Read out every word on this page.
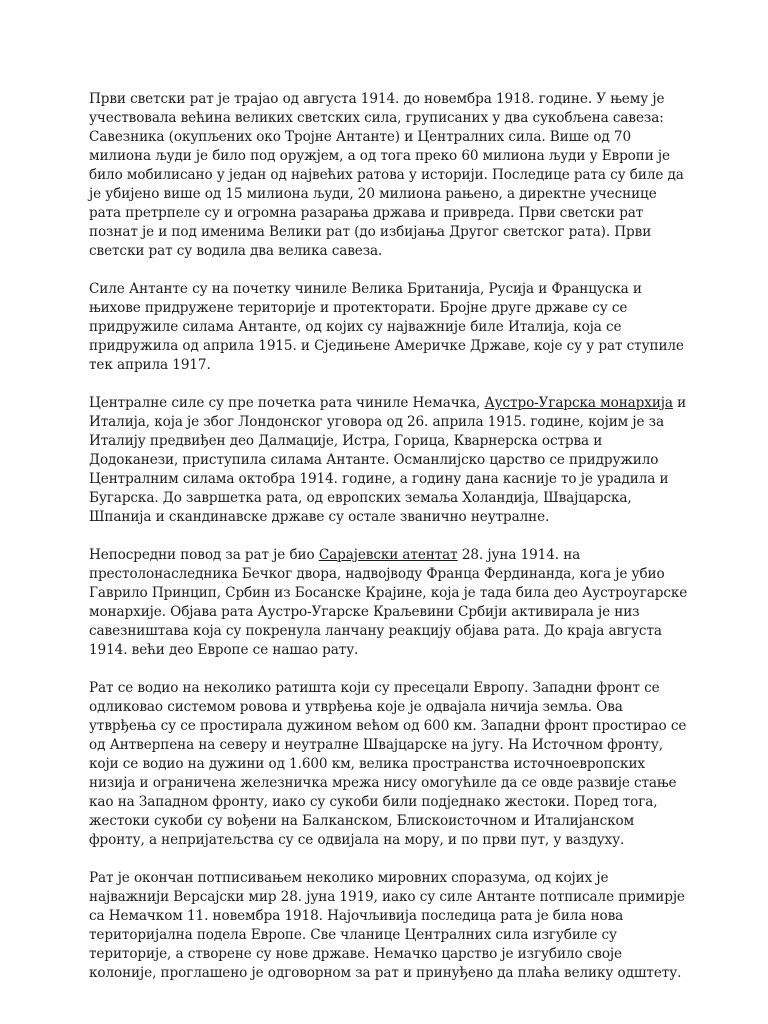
Први светски рат је трајао од августа 1914. до новембра 1918. године. У њему је учествовала већина великих светских сила, груписаних у два сукобљена савеза: Савезника (окупљених око Тројне Антанте) и Централних сила. Више од 70 милиона људи је било под оружјем, а од тога преко 60 милиона људи у Европи је било мобилисано у један од највећих ратова у историји. Последице рата су биле да је убијено више од 15 милиона људи, 20 милиона рањено, а директне учеснице рата претрпеле су и огромна разарања држава и привреда. Први светски рат познат је и под именима Велики рат (до избијања Другог светског рата). Први светски рат су водила два велика савеза.

Силе Антанте су на почетку чиниле Велика Британија, Русија и Француска и њихове придружене територије и протекторати. Бројне друге државе су се придружиле силама Антанте, од којих су најважније биле Италија, која се придружила од априла 1915. и Сједињене Америчке Државе, које су у рат ступиле тек априла 1917.

Централне силе су пре почетка рата чиниле Немачка, Аустро-Угарска монархија и Италија, која је због Лондонског уговора од 26. априла 1915. године, којим је за Италију предвиђен део Далмације, Истра, Горица, Кварнерска острва и Додоканези, приступила силама Антанте. Османлијско царство се придружило Централним силама октобра 1914. године, а годину дана касније то је урадила и Бугарска. До завршетка рата, од европских земаља Холандија, Швајцарска, Шпанија и скандинавске државе су остале званично неутралне.

Непосредни повод за рат је био Сарајевски атентат 28. јуна 1914. на престолонаследника Бечког двора, надвојводу Франца Фердинанда, кога је убио Гаврило Принцип, Србин из Босанске Крајине, која је тада била део Аустроугарске монархије. Објава рата Аустро-Угарске Краљевини Србији активирала је низ савезништава која су покренула ланчану реакцију објава рата. До краја августа 1914. већи део Европе се нашао рату.

Рат се водио на неколико ратишта који су пресецали Европу. Западни фронт се одликовао системом ровова и утврђења које је одвајала ничија земља. Ова утврђења су се простирала дужином већом од 600 км. Западни фронт простирао се од Антверпена на северу и неутралне Швајцарске на југу. На Источном фронту, који се водио на дужини од 1.600 км, велика пространства источноевропских низија и ограничена железничка мрежа нису омогућиле да се овде развије стање као на Западном фронту, иако су сукоби били подједнако жестоки. Поред тога, жестоки сукоби су вођени на Балканском, Блискоисточном и Италијанском фронту, а непријатељства су се одвијала на мору, и по први пут, у ваздуху.

Рат је окончан потписивањем неколико мировних споразума, од којих је најважнији Версајски мир 28. јуна 1919, иако су силе Антанте потписале примирје са Немачком 11. новембра 1918. Најочљивија последица рата је била нова територијална подела Европе. Све чланице Централних сила изгубиле су територије, а створене су нове државе. Немачко царство је изгубило своје колоније, проглашено је одговорном за рат и принуђено да плаћа велику одштету.
